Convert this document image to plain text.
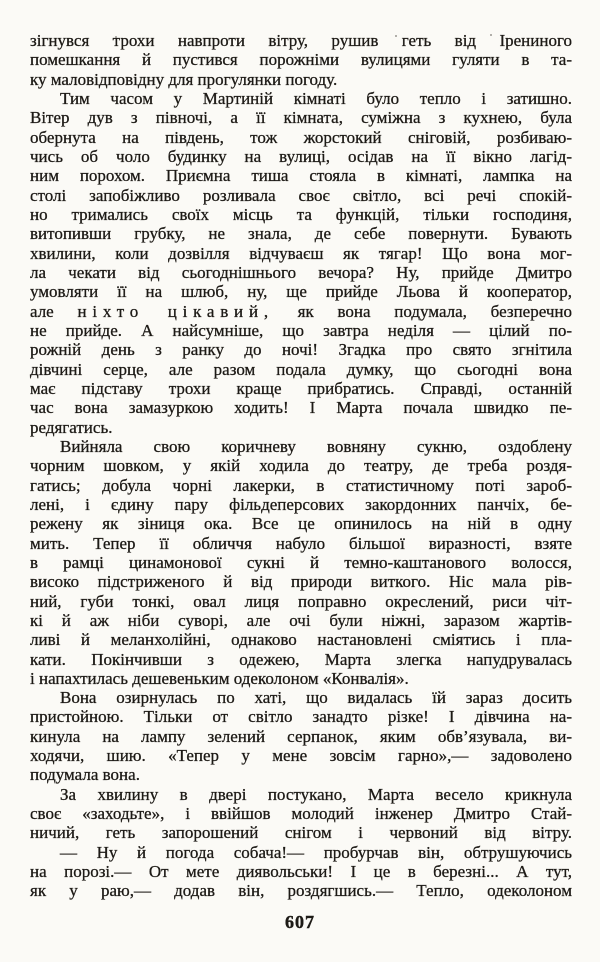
зігнувся трохи навпроти вітру, рушив геть від Ірениного
помешкання й пустився порожніми вулицями гуляти в та-
ку маловідповідну для прогулянки погоду.
Тим часом у Мартиній кімнаті було тепло і затишно.
Вітер дув з півночі, а її кімната, суміжна з кухнею, була
обернута на південь, тож жорстокий сніговій, розбиваю-
чись об чоло будинку на вулиці, осідав на її вікно лагід-
ним порохом. Приємна тиша стояла в кімнаті, лампка на
столі запобіжливо розливала своє світло, всі речі спокій-
но тримались своїх місць та функцій, тільки господиня,
витопивши грубку, не знала, де себе повернути. Бувають
хвилини, коли дозвілля відчуваєш як тягар! Що вона мог-
ла чекати від сьогоднішнього вечора? Ну, прийде Дмитро
умовляти її на шлюб, ну, ще прийде Льова й кооператор,
але ніхто цікавий, як вона подумала, безперечно
не прийде. А найсумніше, що завтра неділя — цілий по-
рожній день з ранку до ночі! Згадка про свято згнітила
дівчині серце, але разом подала думку, що сьогодні вона
має підставу трохи краще прибратись. Справді, останній
час вона замазуркою ходить! І Марта почала швидко пе-
редягатись.
Вийняла свою коричневу вовняну сукню, оздоблену
чорним шовком, у якій ходила до театру, де треба роздя-
гатись; добула чорні лакерки, в статистичному поті зароб-
лені, і єдину пару фільдеперсових закордонних панчіх, бе-
режену як зіниця ока. Все це опинилось на ній в одну
мить. Тепер її обличчя набуло більшої виразності, взяте
в рамці цинамонової сукні й темно-каштанового волосся,
високо підстриженого й від природи виткого. Ніс мала рів-
ний, губи тонкі, овал лиця поправно окреслений, риси чіт-
кі й аж ніби суворі, але очі були ніжні, заразом жартів-
ливі й меланхолійні, однаково настановлені сміятись і пла-
кати. Покінчивши з одежею, Марта злегка напудрувалась
і напахтилась дешевеньким одеколоном «Конвалія».
Вона озирнулась по хаті, що видалась їй зараз досить
пристойною. Тільки от світло занадто різке! І дівчина на-
кинула на лампу зелений серпанок, яким обв’язувала, ви-
ходячи, шию. «Тепер у мене зовсім гарно»,— задоволено
подумала вона.
За хвилину в двері постукано, Марта весело крикнула
своє «заходьте», і ввійшов молодий інженер Дмитро Стай-
ничий, геть запорошений снігом і червоний від вітру.
— Ну й погода собача!— пробурчав він, обтрушуючись
на порозі.— От мете диявольськи! І це в березні... А тут,
як у раю,— додав він, роздягшись.— Тепло, одеколоном
607
